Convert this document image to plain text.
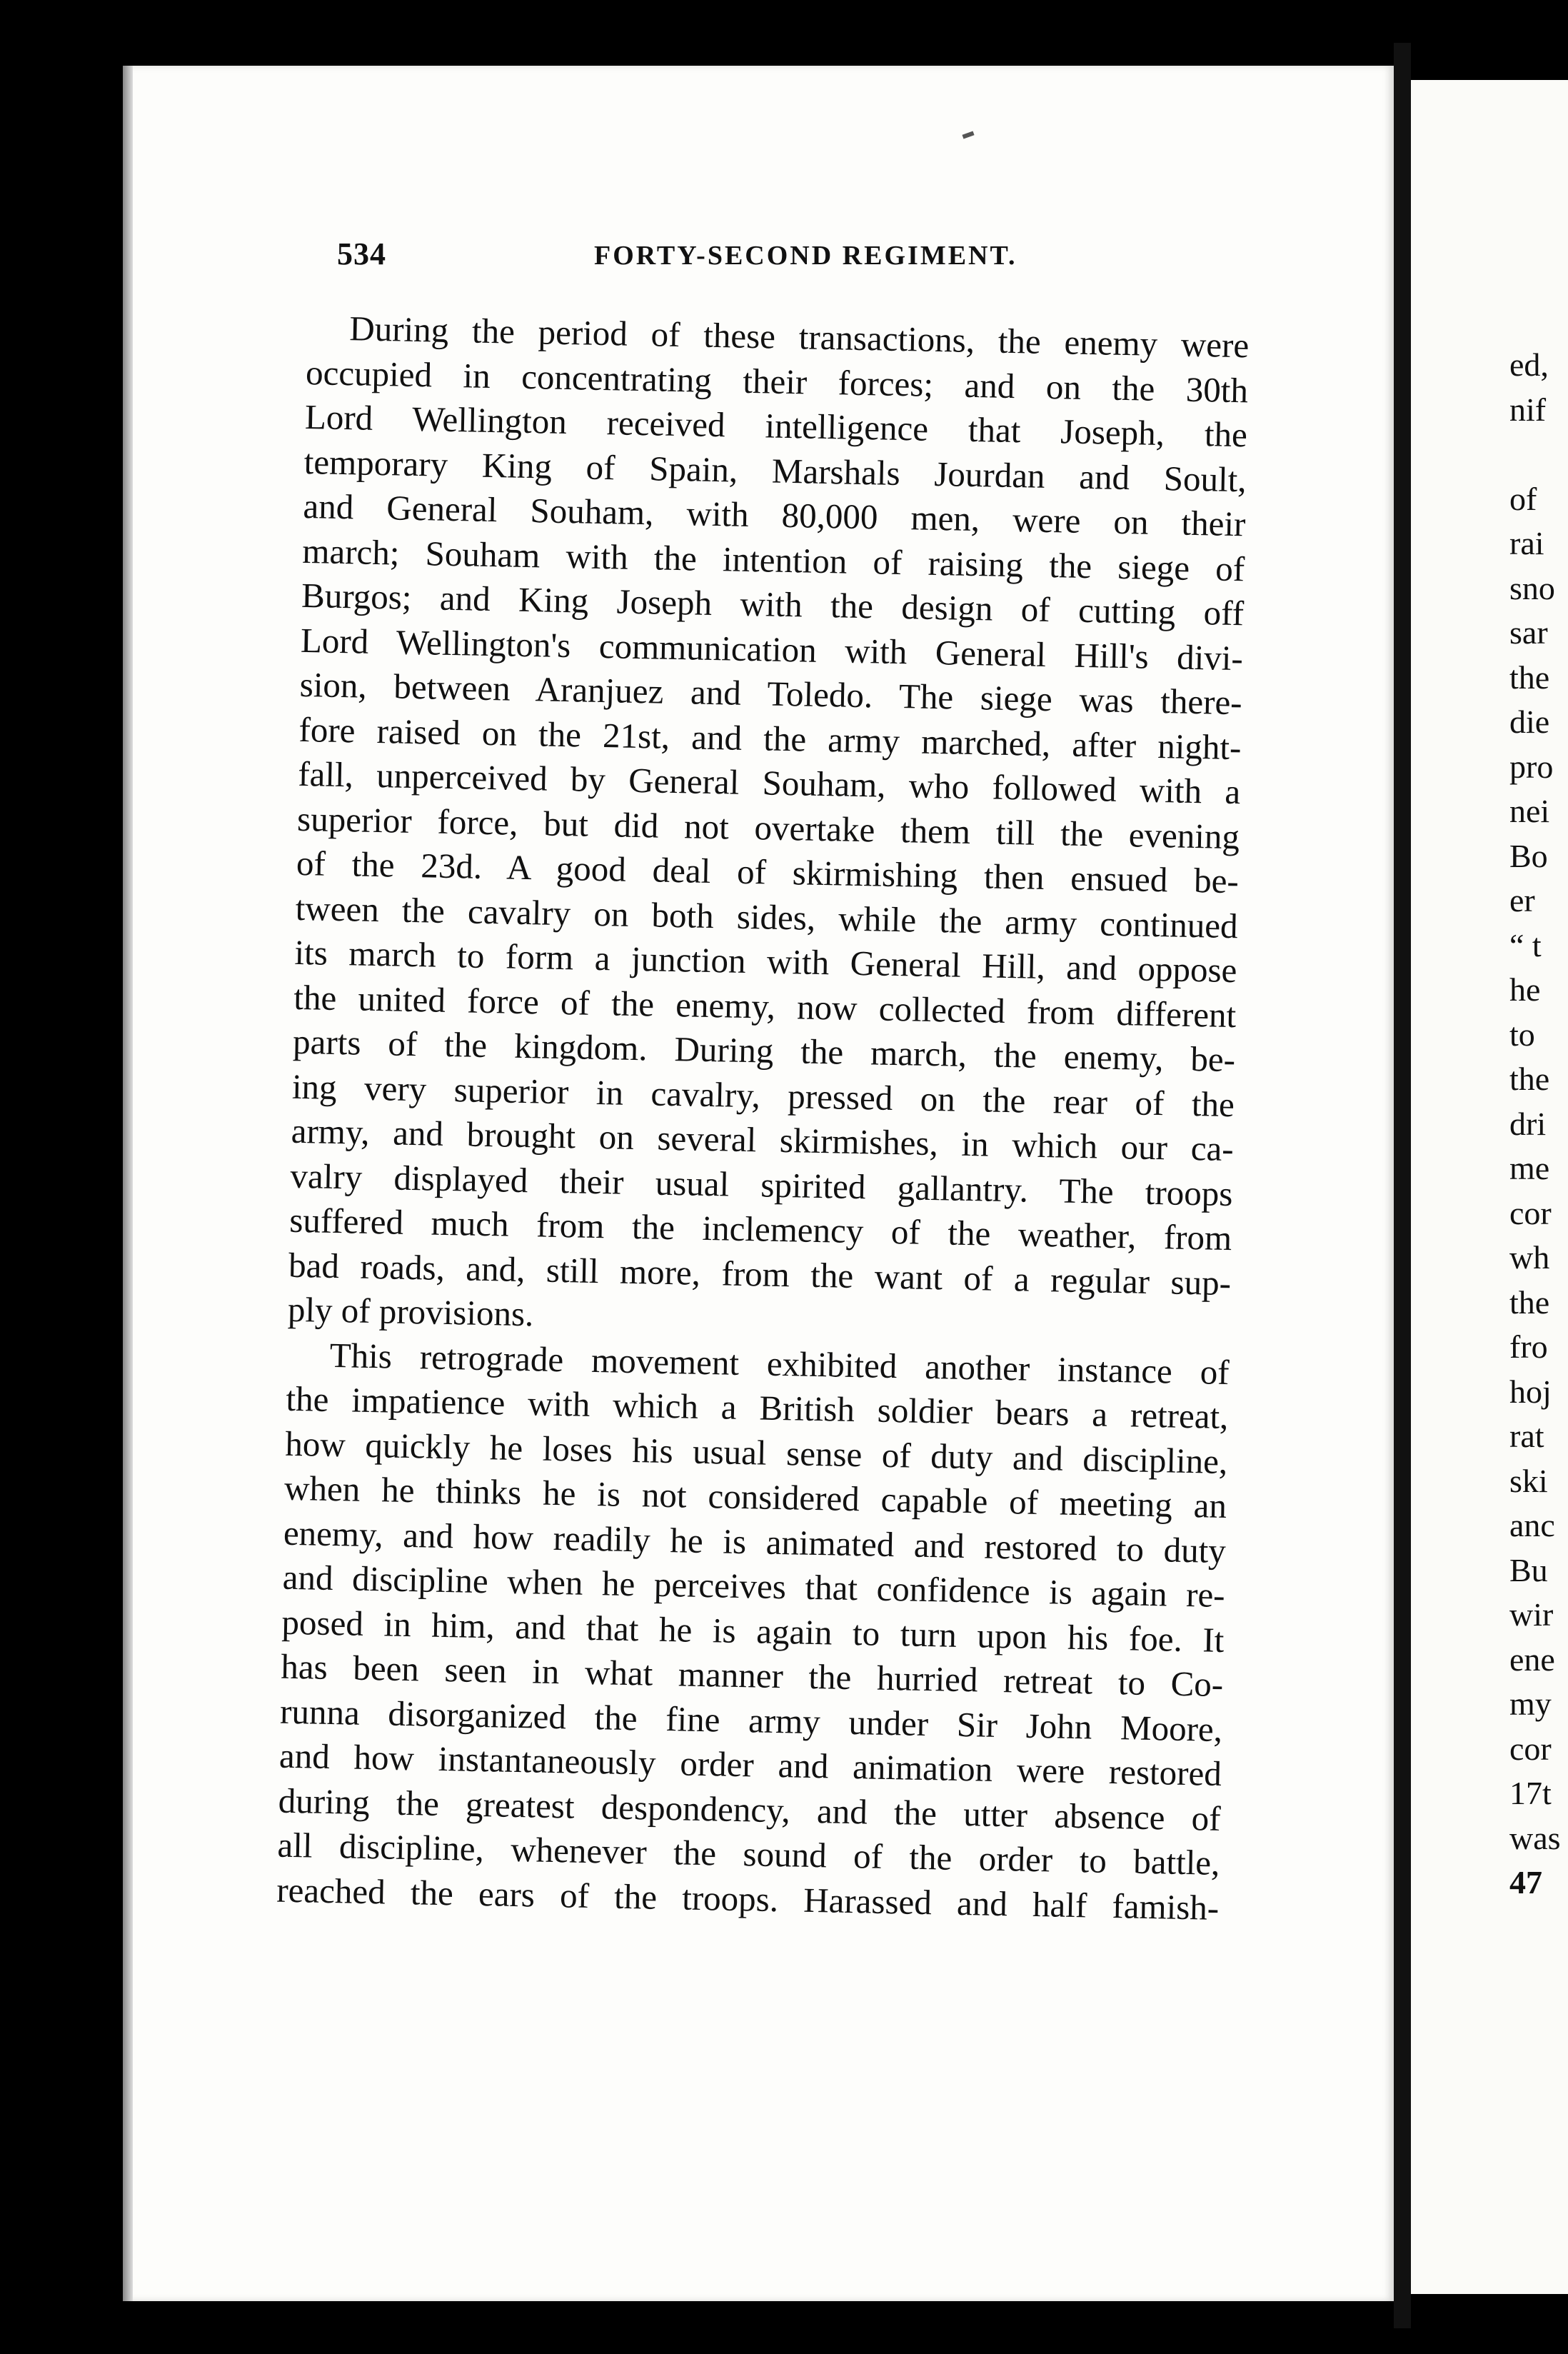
534	FORTY-SECOND REGIMENT.
During the period of these transactions, the enemy were
occupied in concentrating their forces; and on the 30th
Lord Wellington received intelligence that Joseph, the
temporary King of Spain, Marshals Jourdan and Soult,
and General Souham, with 80,000 men, were on their
march; Souham with the intention of raising the siege of
Burgos; and King Joseph with the design of cutting off
Lord Wellington's communication with General Hill's divi-
sion, between Aranjuez and Toledo. The siege was there-
fore raised on the 21st, and the army marched, after night-
fall, unperceived by General Souham, who followed with a
superior force, but did not overtake them till the evening
of the 23d. A good deal of skirmishing then ensued be-
tween the cavalry on both sides, while the army continued
its march to form a junction with General Hill, and oppose
the united force of the enemy, now collected from different
parts of the kingdom. During the march, the enemy, be-
ing very superior in cavalry, pressed on the rear of the
army, and brought on several skirmishes, in which our ca-
valry displayed their usual spirited gallantry. The troops
suffered much from the inclemency of the weather, from
bad roads, and, still more, from the want of a regular sup-
ply of provisions.
This retrograde movement exhibited another instance of
the impatience with which a British soldier bears a retreat,
how quickly he loses his usual sense of duty and discipline,
when he thinks he is not considered capable of meeting an
enemy, and how readily he is animated and restored to duty
and discipline when he perceives that confidence is again re-
posed in him, and that he is again to turn upon his foe. It
has been seen in what manner the hurried retreat to Co-
runna disorganized the fine army under Sir John Moore,
and how instantaneously order and animation were restored
during the greatest despondency, and the utter absence of
all discipline, whenever the sound of the order to battle,
reached the ears of the troops. Harassed and half famish-
ed,
nif
of
rai
sno
sar
the
die
pro
nei
Bo
er
“ t
he
to
the
dri
me
cor
wh
the
fro
hoj
rat
ski
anc
Bu
wir
ene
my
cor
17t
was
47
